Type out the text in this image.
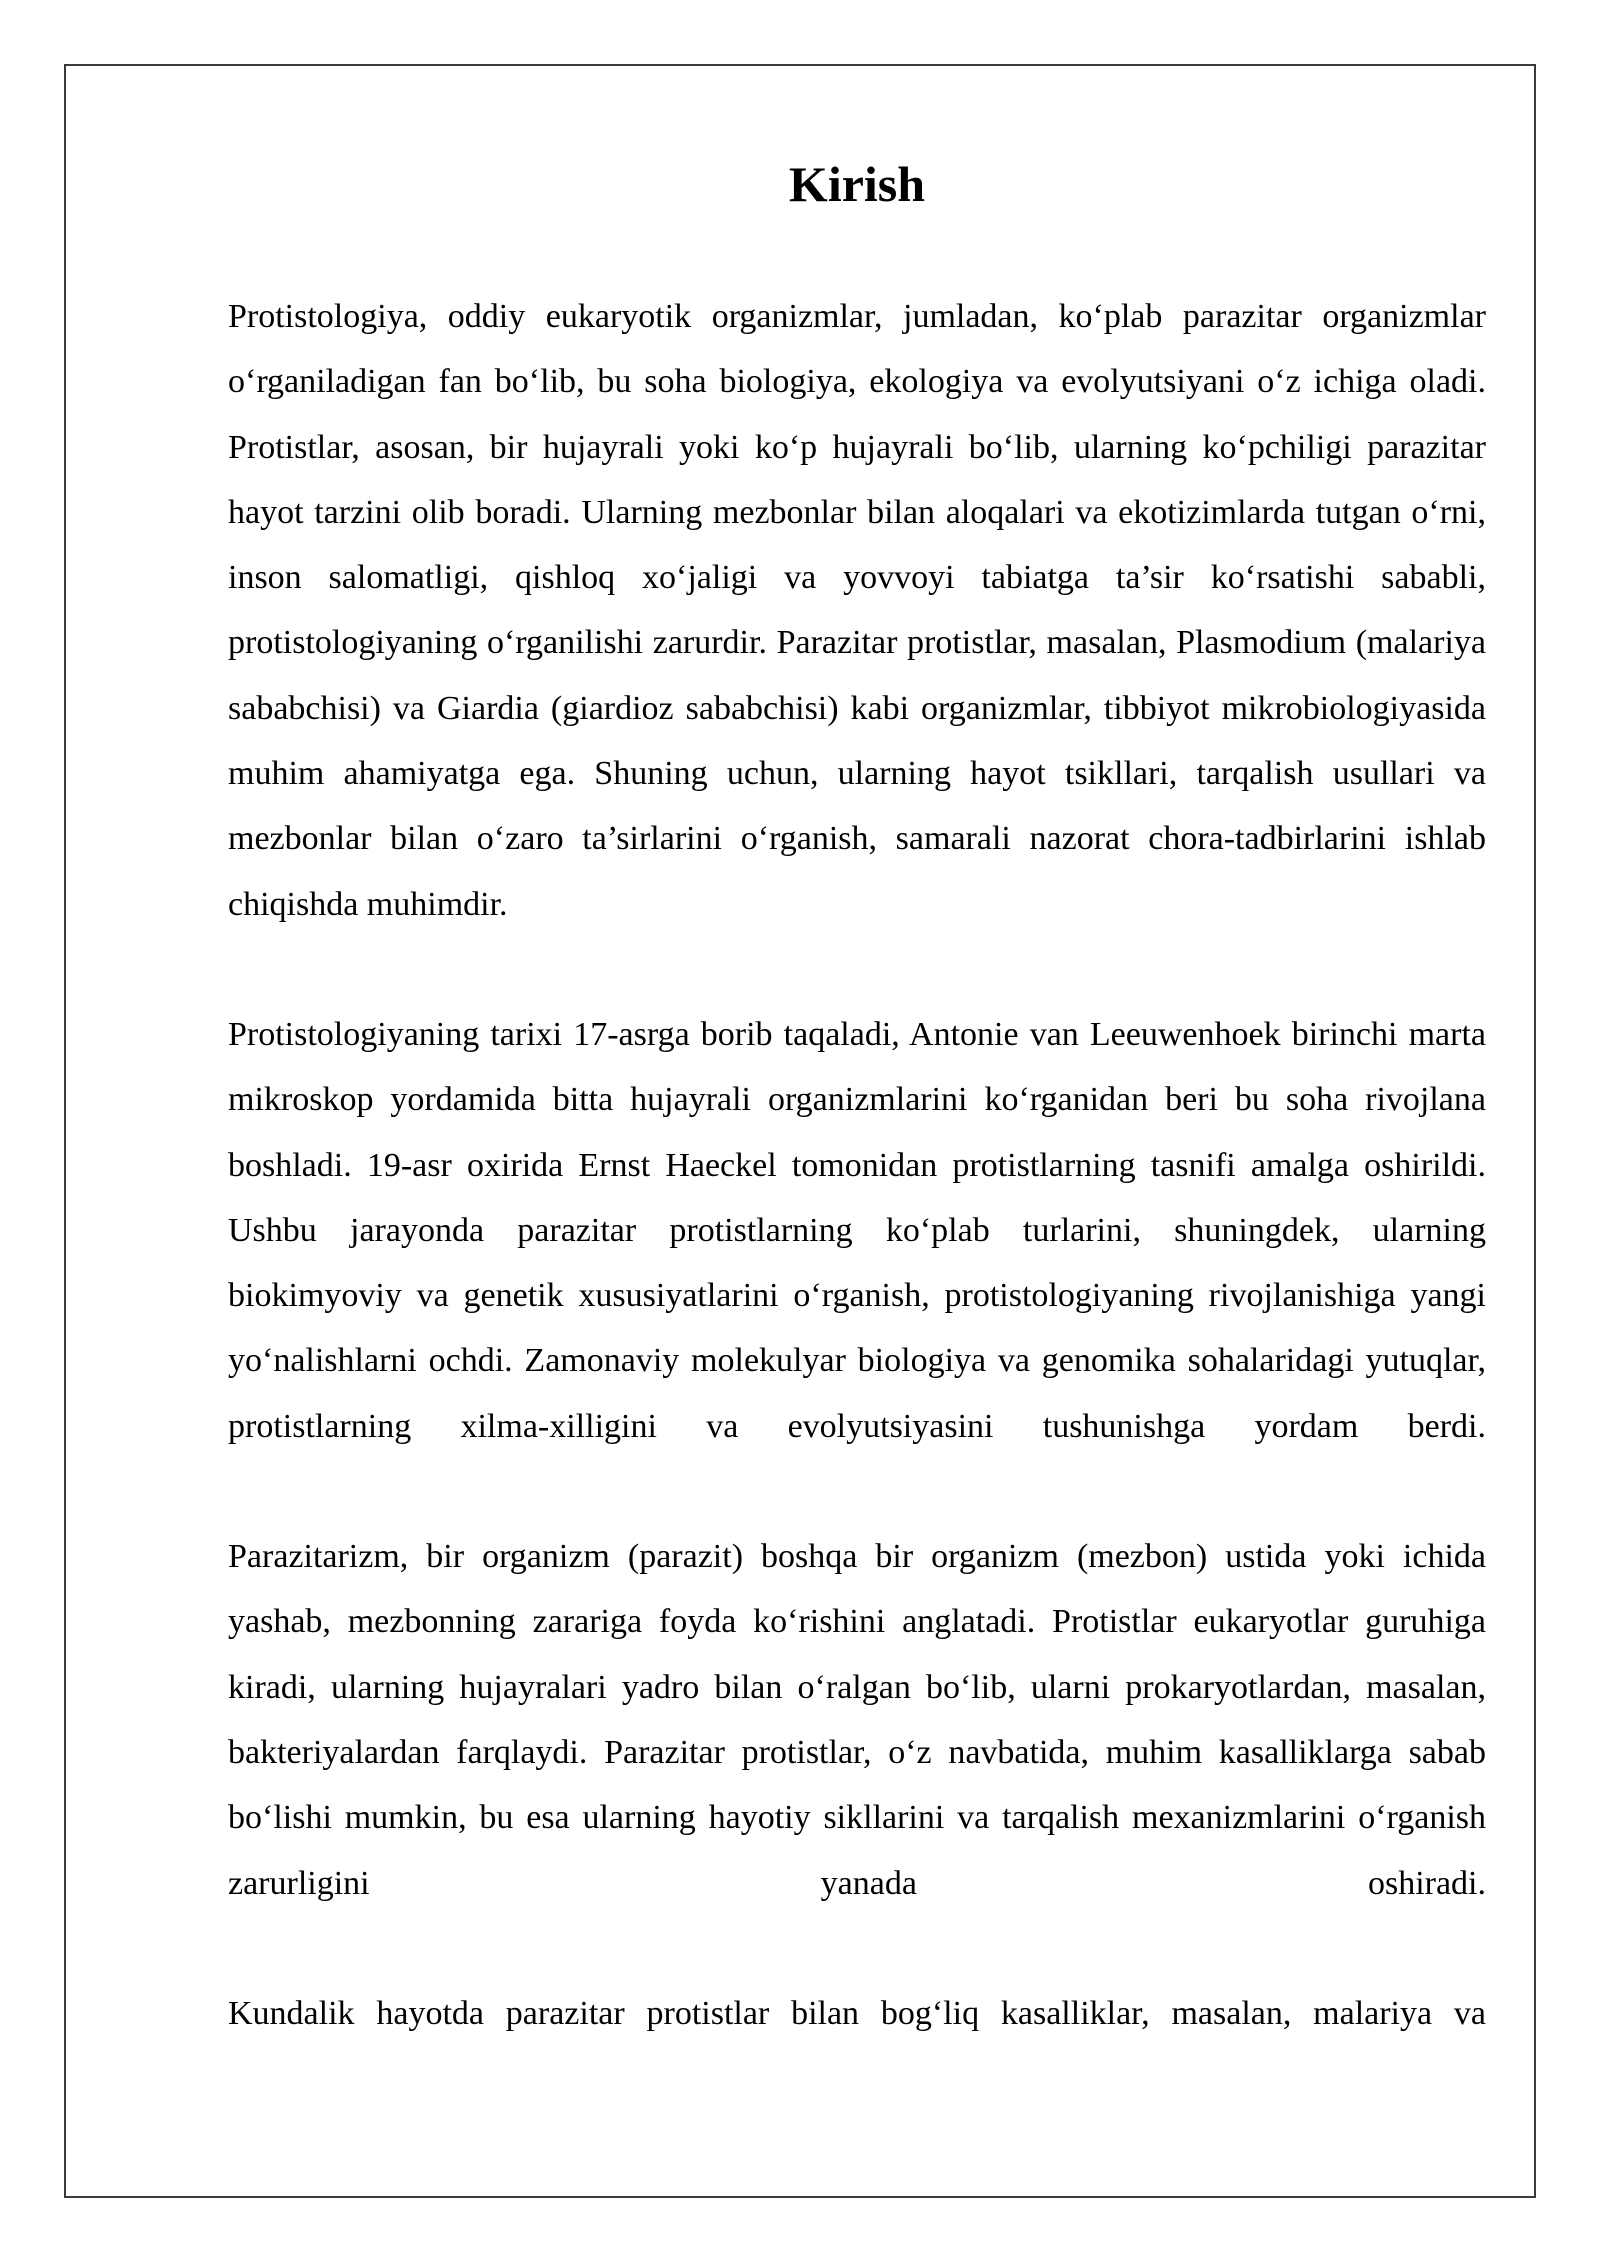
Kirish

Protistologiya, oddiy eukaryotik organizmlar, jumladan, ko‘plab parazitar organizmlar o‘rganiladigan fan bo‘lib, bu soha biologiya, ekologiya va evolyutsiyani o‘z ichiga oladi. Protistlar, asosan, bir hujayrali yoki ko‘p hujayrali bo‘lib, ularning ko‘pchiligi parazitar hayot tarzini olib boradi. Ularning mezbonlar bilan aloqalari va ekotizimlarda tutgan o‘rni, inson salomatligi, qishloq xo‘jaligi va yovvoyi tabiatga ta’sir ko‘rsatishi sababli, protistologiyaning o‘rganilishi zarurdir. Parazitar protistlar, masalan, Plasmodium (malariya sababchisi) va Giardia (giardioz sababchisi) kabi organizmlar, tibbiyot mikrobiologiyasida muhim ahamiyatga ega. Shuning uchun, ularning hayot tsikllari, tarqalish usullari va mezbonlar bilan o‘zaro ta’sirlarini o‘rganish, samarali nazorat chora-tadbirlarini ishlab chiqishda muhimdir.

Protistologiyaning tarixi 17-asrga borib taqaladi, Antonie van Leeuwenhoek birinchi marta mikroskop yordamida bitta hujayrali organizmlarini ko‘rganidan beri bu soha rivojlana boshladi. 19-asr oxirida Ernst Haeckel tomonidan protistlarning tasnifi amalga oshirildi. Ushbu jarayonda parazitar protistlarning ko‘plab turlarini, shuningdek, ularning biokimyoviy va genetik xususiyatlarini o‘rganish, protistologiyaning rivojlanishiga yangi yo‘nalishlarni ochdi. Zamonaviy molekulyar biologiya va genomika sohalaridagi yutuqlar, protistlarning xilma-xilligini va evolyutsiyasini tushunishga yordam berdi.

Parazitarizm, bir organizm (parazit) boshqa bir organizm (mezbon) ustida yoki ichida yashab, mezbonning zarariga foyda ko‘rishini anglatadi. Protistlar eukaryotlar guruhiga kiradi, ularning hujayralari yadro bilan o‘ralgan bo‘lib, ularni prokaryotlardan, masalan, bakteriyalardan farqlaydi. Parazitar protistlar, o‘z navbatida, muhim kasalliklarga sabab bo‘lishi mumkin, bu esa ularning hayotiy sikllarini va tarqalish mexanizmlarini o‘rganish zarurligini yanada oshiradi.

Kundalik hayotda parazitar protistlar bilan bog‘liq kasalliklar, masalan, malariya va
